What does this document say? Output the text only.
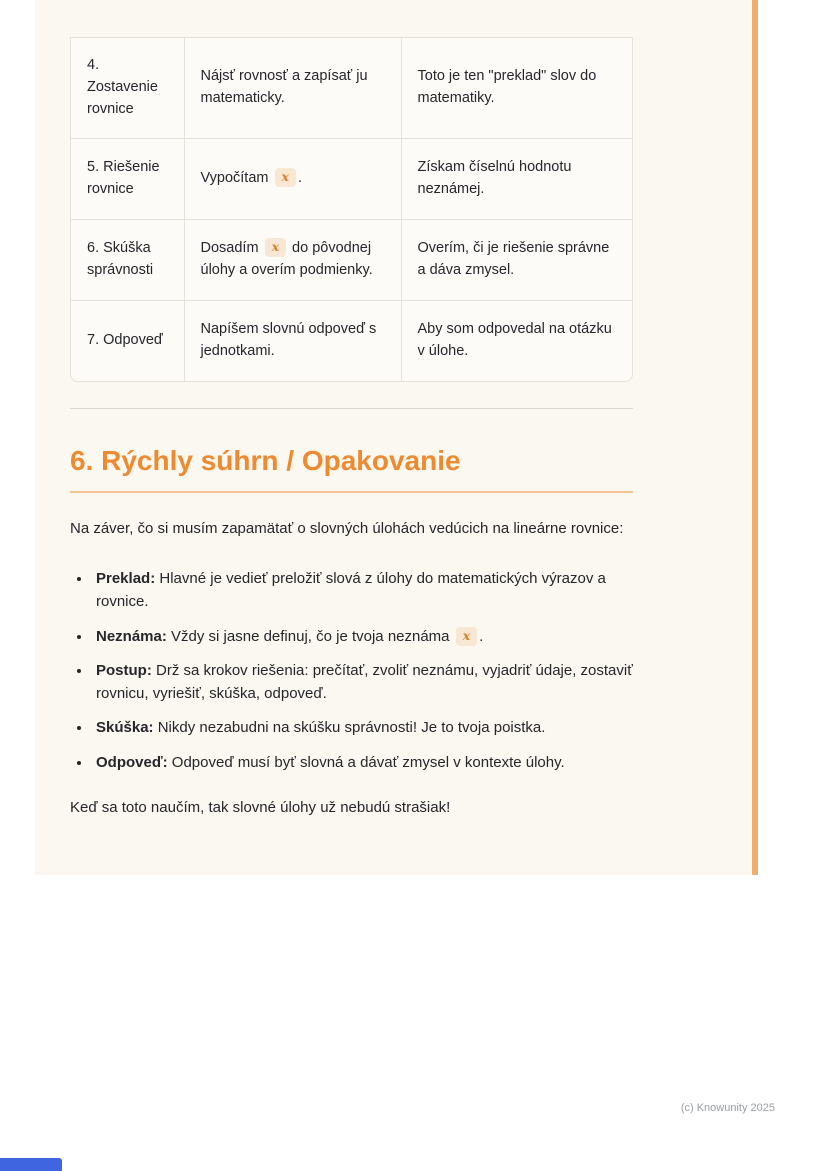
4. Zostavenie rovnice	Nájsť rovnosť a zapísať ju matematicky.	Toto je ten "preklad" slov do matematiky.
5. Riešenie rovnice	Vypočítam x .	Získam číselnú hodnotu neznámej.
6. Skúška správnosti	Dosadím x do pôvodnej úlohy a overím podmienky.	Overím, či je riešenie správne a dáva zmysel.
7. Odpoveď	Napíšem slovnú odpoveď s jednotkami.	Aby som odpovedal na otázku v úlohe.
6. Rýchly súhrn / Opakovanie

Na záver, čo si musím zapamätať o slovných úlohách vedúcich na lineárne rovnice:

• Preklad: Hlavné je vedieť preložiť slová z úlohy do matematických výrazov a rovnice.
• Neznáma: Vždy si jasne definuj, čo je tvoja neznáma x .
• Postup: Drž sa krokov riešenia: prečítať, zvoliť neznámu, vyjadriť údaje, zostaviť rovnicu, vyriešiť, skúška, odpoveď.
• Skúška: Nikdy nezabudni na skúšku správnosti! Je to tvoja poistka.
• Odpoveď: Odpoveď musí byť slovná a dávať zmysel v kontexte úlohy.

Keď sa toto naučím, tak slovné úlohy už nebudú strašiak!

(c) Knowunity 2025
